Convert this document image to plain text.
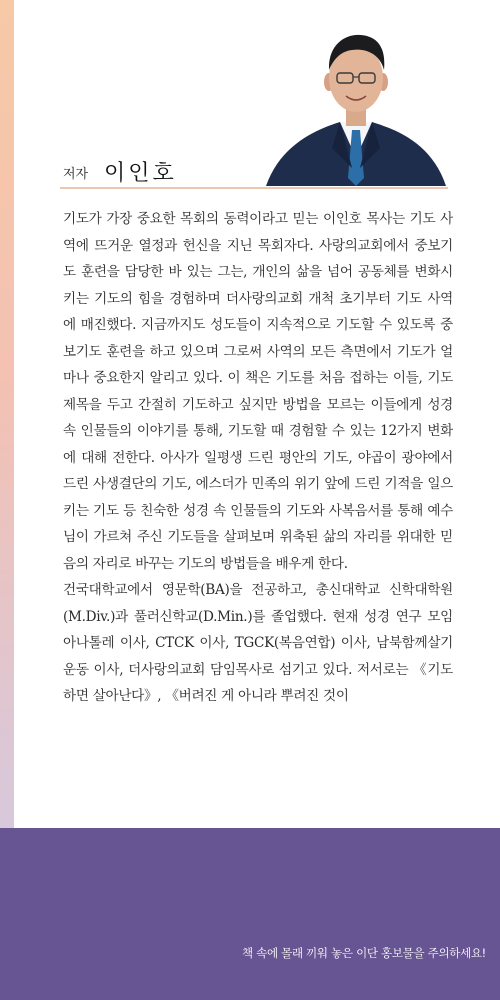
저자 이인호

기도가 가장 중요한 목회의 동력이라고 믿는 이인호 목사는 기도 사역에 뜨거운 열정과 헌신을 지닌 목회자다. 사랑의교회에서 중보기도 훈련을 담당한 바 있는 그는, 개인의 삶을 넘어 공동체를 변화시키는 기도의 힘을 경험하며 더사랑의교회 개척 초기부터 기도 사역에 매진했다. 지금까지도 성도들이 지속적으로 기도할 수 있도록 중보기도 훈련을 하고 있으며 그로써 사역의 모든 측면에서 기도가 얼마나 중요한지 알리고 있다. 이 책은 기도를 처음 접하는 이들, 기도 제목을 두고 간절히 기도하고 싶지만 방법을 모르는 이들에게 성경 속 인물들의 이야기를 통해, 기도할 때 경험할 수 있는 12가지 변화에 대해 전한다. 아사가 일평생 드린 평안의 기도, 야곱이 광야에서 드린 사생결단의 기도, 에스더가 민족의 위기 앞에 드린 기적을 일으키는 기도 등 친숙한 성경 속 인물들의 기도와 사복음서를 통해 예수님이 가르쳐 주신 기도들을 살펴보며 위축된 삶의 자리를 위대한 믿음의 자리로 바꾸는 기도의 방법들을 배우게 한다.

건국대학교에서 영문학(BA)을 전공하고, 총신대학교 신학대학원(M.Div.)과 풀러신학교(D.Min.)를 졸업했다. 현재 성경 연구 모임 아나톨레 이사, CTCK 이사, TGCK(복음연합) 이사, 남북함께살기운동 이사, 더사랑의교회 담임목사로 섬기고 있다. 저서로는 《기도하면 살아난다》, 《버려진 게 아니라 뿌려진 것이

책 속에 몰래 끼워 놓은 이단 홍보물을 주의하세요!
